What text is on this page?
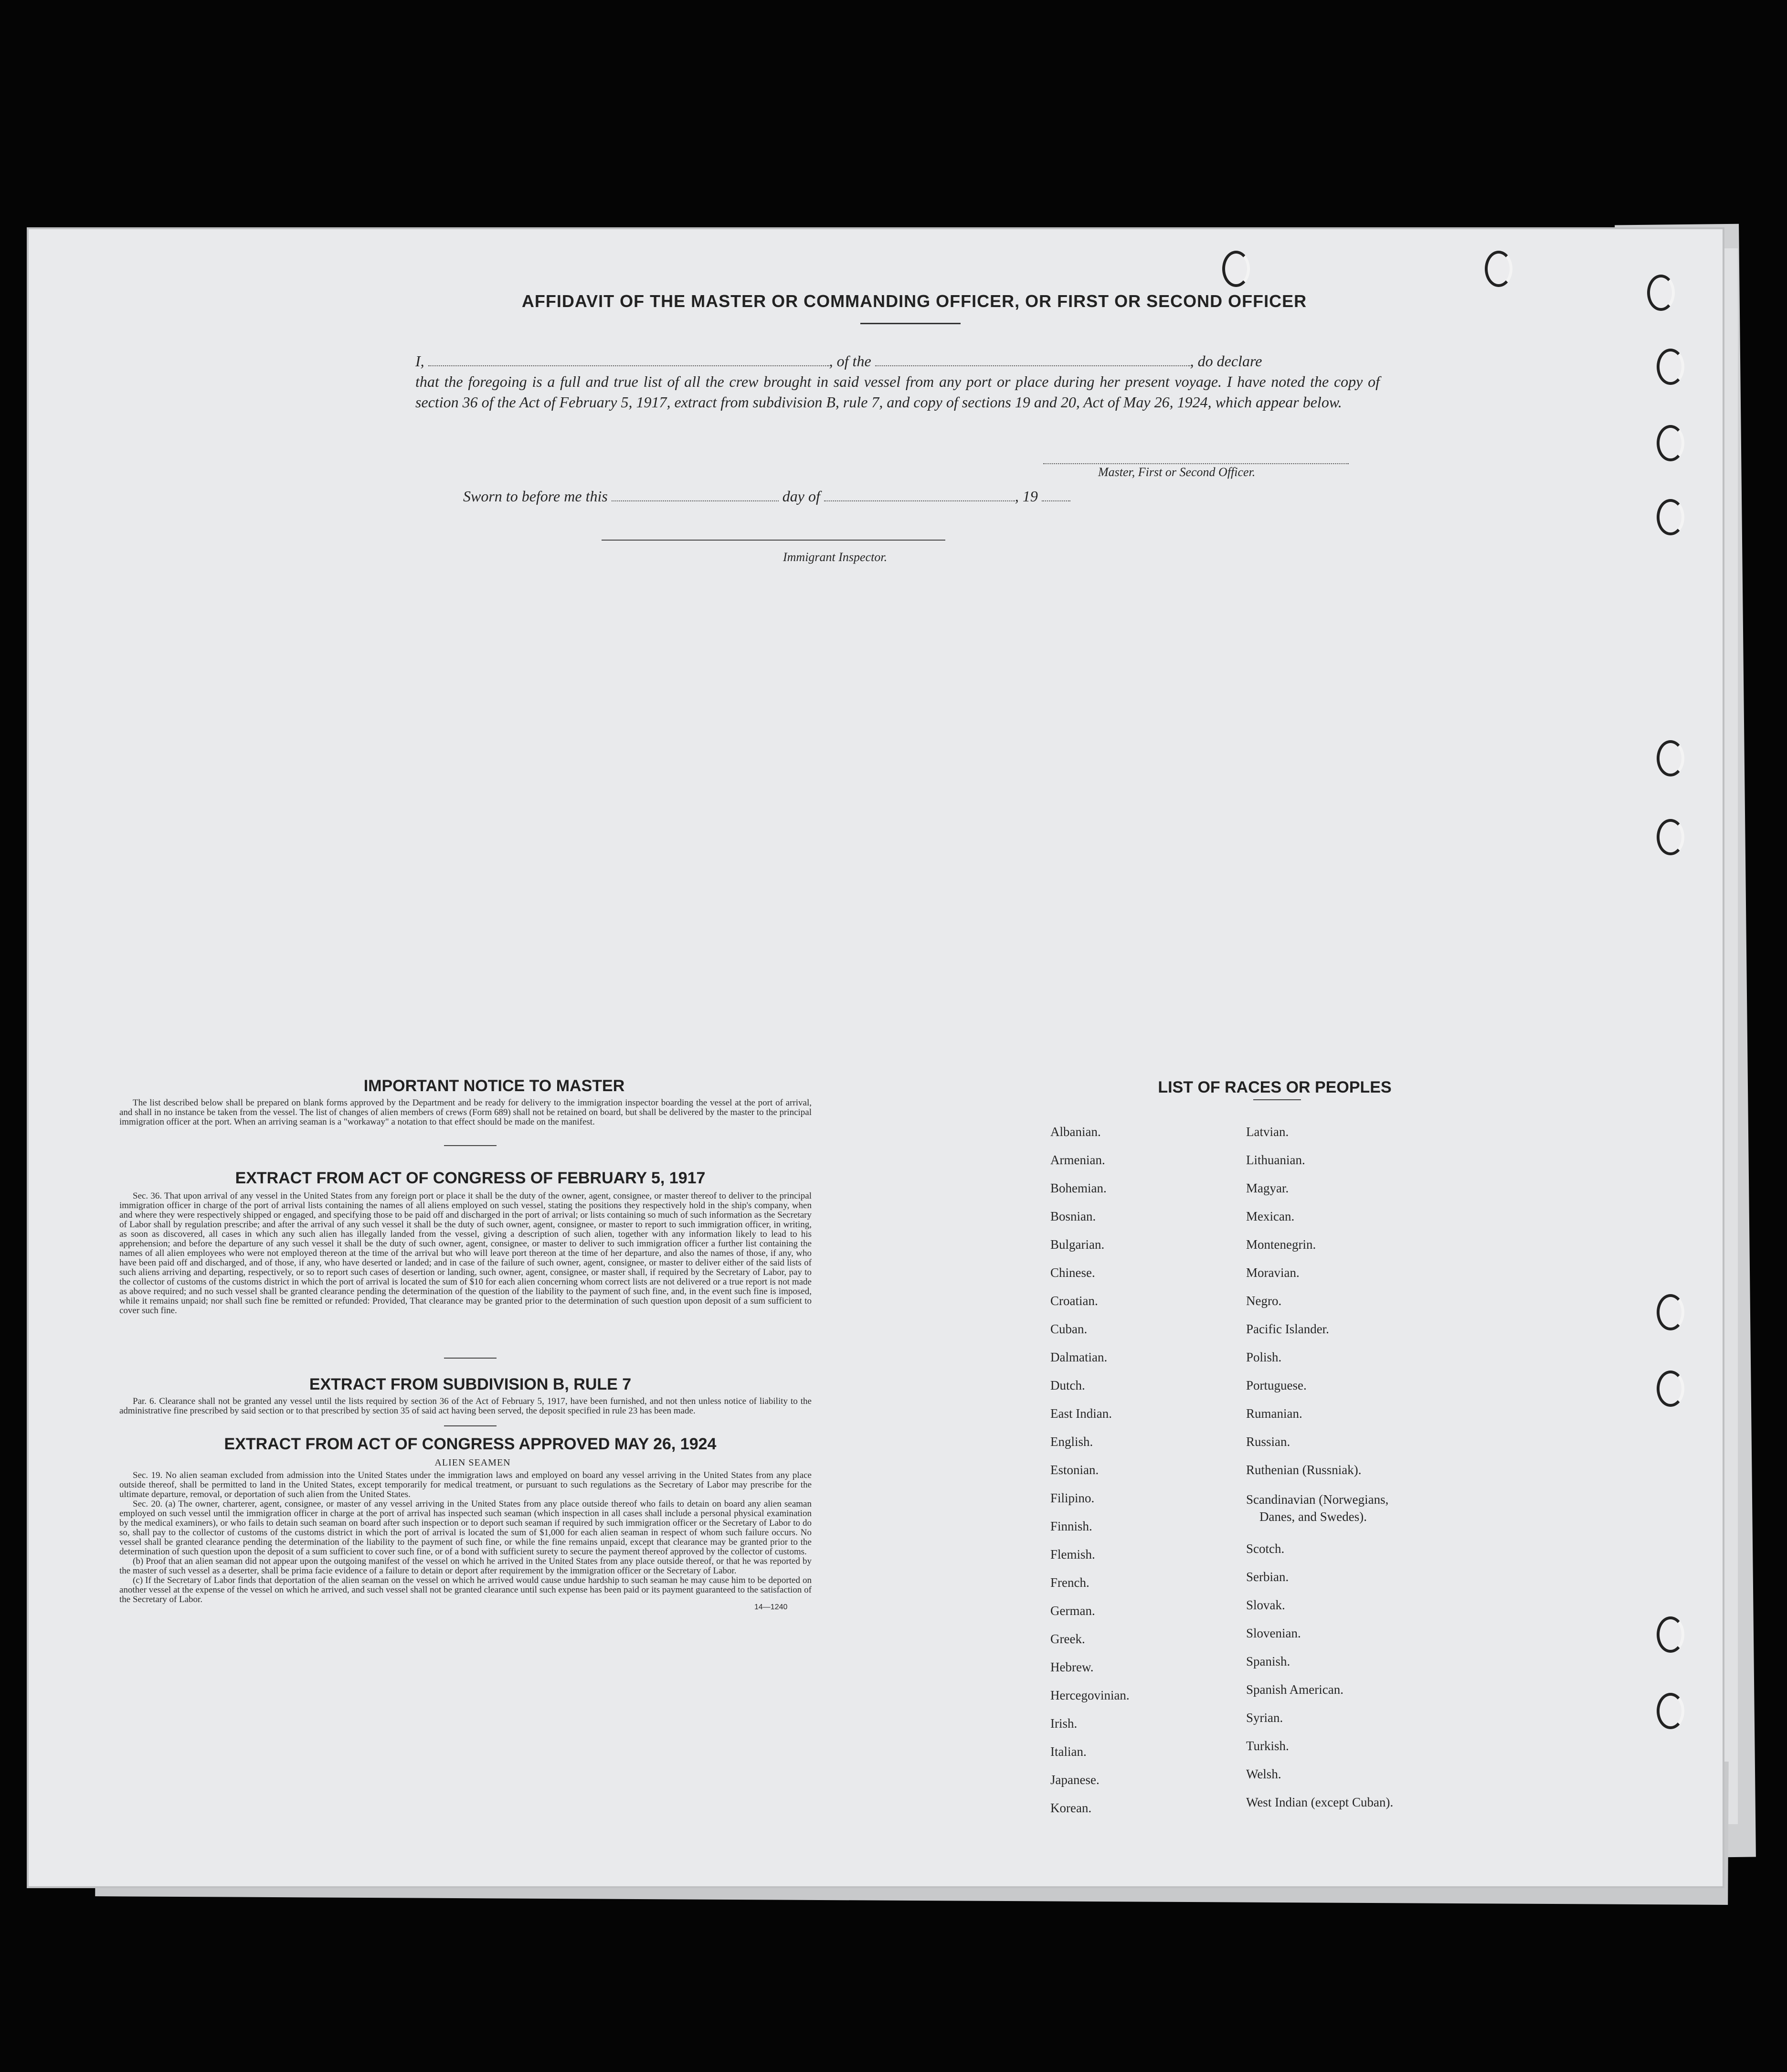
AFFIDAVIT OF THE MASTER OR COMMANDING OFFICER, OR FIRST OR SECOND OFFICER
I,	, of the	, do declare
that the foregoing is a full and true list of all the crew brought in said vessel from any port or place during her present voyage. I have noted the copy of section 36 of the Act of February 5, 1917, extract from subdivision B, rule 7, and copy of sections 19 and 20, Act of May 26, 1924, which appear below.
Master, First or Second Officer.
Sworn to before me this	day of	, 19
Immigrant Inspector.
IMPORTANT NOTICE TO MASTER
The list described below shall be prepared on blank forms approved by the Department and be ready for delivery to the immigration inspector boarding the vessel at the port of arrival, and shall in no instance be taken from the vessel. The list of changes of alien members of crews (Form 689) shall not be retained on board, but shall be delivered by the master to the principal immigration officer at the port. When an arriving seaman is a "workaway" a notation to that effect should be made on the manifest.
EXTRACT FROM ACT OF CONGRESS OF FEBRUARY 5, 1917
Sec. 36. That upon arrival of any vessel in the United States from any foreign port or place it shall be the duty of the owner, agent, consignee, or master thereof to deliver to the principal immigration officer in charge of the port of arrival lists containing the names of all aliens employed on such vessel, stating the positions they respectively hold in the ship's company, when and where they were respectively shipped or engaged, and specifying those to be paid off and discharged in the port of arrival; or lists containing so much of such information as the Secretary of Labor shall by regulation prescribe; and after the arrival of any such vessel it shall be the duty of such owner, agent, consignee, or master to report to such immigration officer, in writing, as soon as discovered, all cases in which any such alien has illegally landed from the vessel, giving a description of such alien, together with any information likely to lead to his apprehension; and before the departure of any such vessel it shall be the duty of such owner, agent, consignee, or master to deliver to such immigration officer a further list containing the names of all alien employees who were not employed thereon at the time of the arrival but who will leave port thereon at the time of her departure, and also the names of those, if any, who have been paid off and discharged, and of those, if any, who have deserted or landed; and in case of the failure of such owner, agent, consignee, or master to deliver either of the said lists of such aliens arriving and departing, respectively, or so to report such cases of desertion or landing, such owner, agent, consignee, or master shall, if required by the Secretary of Labor, pay to the collector of customs of the customs district in which the port of arrival is located the sum of $10 for each alien concerning whom correct lists are not delivered or a true report is not made as above required; and no such vessel shall be granted clearance pending the determination of the question of the liability to the payment of such fine, and, in the event such fine is imposed, while it remains unpaid; nor shall such fine be remitted or refunded: Provided, That clearance may be granted prior to the determination of such question upon deposit of a sum sufficient to cover such fine.
EXTRACT FROM SUBDIVISION B, RULE 7
Par. 6. Clearance shall not be granted any vessel until the lists required by section 36 of the Act of February 5, 1917, have been furnished, and not then unless notice of liability to the administrative fine prescribed by said section or to that prescribed by section 35 of said act having been served, the deposit specified in rule 23 has been made.
EXTRACT FROM ACT OF CONGRESS APPROVED MAY 26, 1924
ALIEN SEAMEN

Sec. 19. No alien seaman excluded from admission into the United States under the immigration laws and employed on board any vessel arriving in the United States from any place outside thereof, shall be permitted to land in the United States, except temporarily for medical treatment, or pursuant to such regulations as the Secretary of Labor may prescribe for the ultimate departure, removal, or deportation of such alien from the United States.

Sec. 20. (a) The owner, charterer, agent, consignee, or master of any vessel arriving in the United States from any place outside thereof who fails to detain on board any alien seaman employed on such vessel until the immigration officer in charge at the port of arrival has inspected such seaman (which inspection in all cases shall include a personal physical examination by the medical examiners), or who fails to detain such seaman on board after such inspection or to deport such seaman if required by such immigration officer or the Secretary of Labor to do so, shall pay to the collector of customs of the customs district in which the port of arrival is located the sum of $1,000 for each alien seaman in respect of whom such failure occurs. No vessel shall be granted clearance pending the determination of the liability to the payment of such fine, or while the fine remains unpaid, except that clearance may be granted prior to the determination of such question upon the deposit of a sum sufficient to cover such fine, or of a bond with sufficient surety to secure the payment thereof approved by the collector of customs.

(b) Proof that an alien seaman did not appear upon the outgoing manifest of the vessel on which he arrived in the United States from any place outside thereof, or that he was reported by the master of such vessel as a deserter, shall be prima facie evidence of a failure to detain or deport after requirement by the immigration officer or the Secretary of Labor.

(c) If the Secretary of Labor finds that deportation of the alien seaman on the vessel on which he arrived would cause undue hardship to such seaman he may cause him to be deported on another vessel at the expense of the vessel on which he arrived, and such vessel shall not be granted clearance until such expense has been paid or its payment guaranteed to the satisfaction of the Secretary of Labor.

14—1240
LIST OF RACES OR PEOPLES
Albanian.
Armenian.
Bohemian.
Bosnian.
Bulgarian.
Chinese.
Croatian.
Cuban.
Dalmatian.
Dutch.
East Indian.
English.
Estonian.
Filipino.
Finnish.
Flemish.
French.
German.
Greek.
Hebrew.
Hercegovinian.
Irish.
Italian.
Japanese.
Korean.
Latvian.
Lithuanian.
Magyar.
Mexican.
Montenegrin.
Moravian.
Negro.
Pacific Islander.
Polish.
Portuguese.
Rumanian.
Russian.
Ruthenian (Russniak).
Scandinavian (Norwegians,
Danes, and Swedes).
Scotch.
Serbian.
Slovak.
Slovenian.
Spanish.
Spanish American.
Syrian.
Turkish.
Welsh.
West Indian (except Cuban).
